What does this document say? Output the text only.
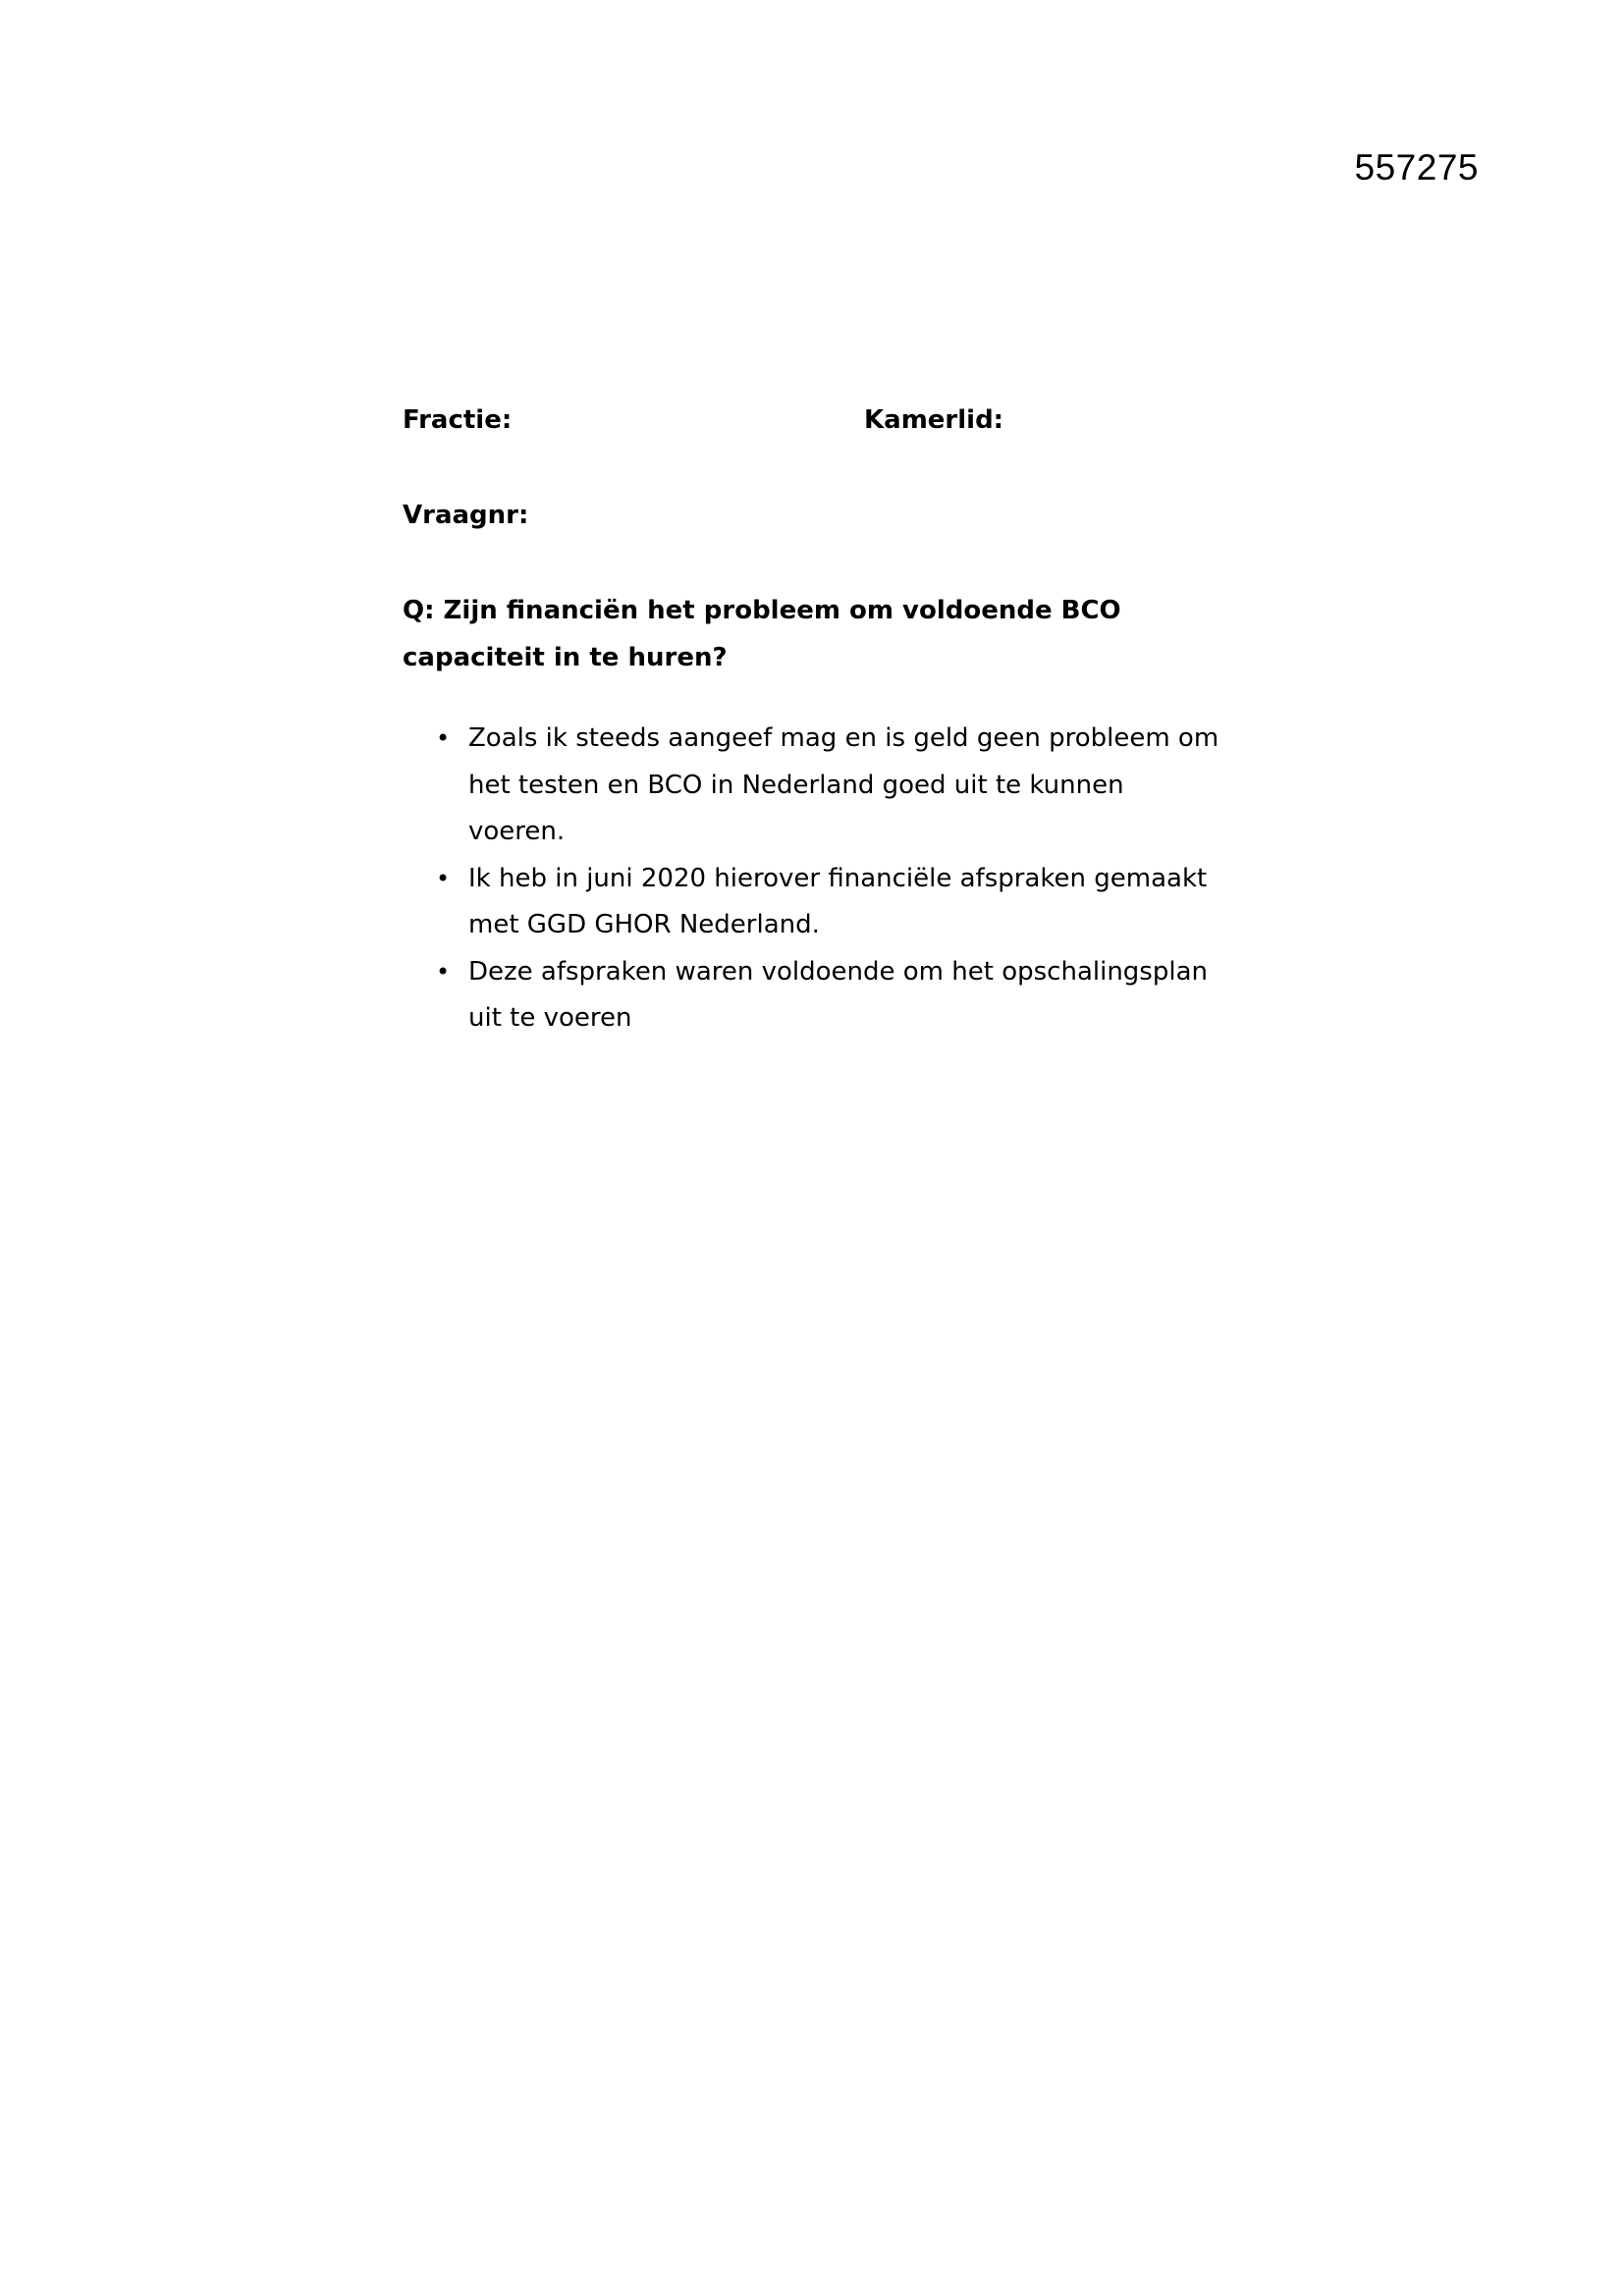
557275
Fractie:	Kamerlid:
Vraagnr:
Q: Zijn financiën het probleem om voldoende BCO capaciteit in te huren?
• Zoals ik steeds aangeef mag en is geld geen probleem om het testen en BCO in Nederland goed uit te kunnen voeren.
• Ik heb in juni 2020 hierover financiële afspraken gemaakt met GGD GHOR Nederland.
• Deze afspraken waren voldoende om het opschalingsplan uit te voeren
